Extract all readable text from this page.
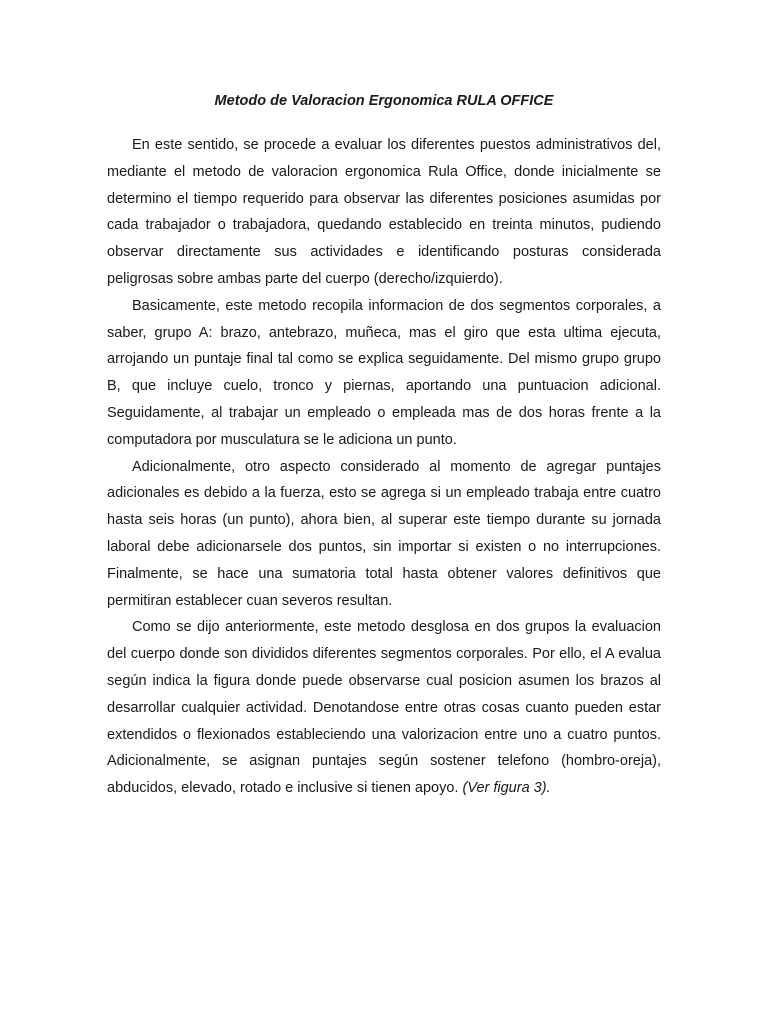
Metodo de Valoracion Ergonomica RULA OFFICE

En este sentido, se procede a evaluar los diferentes puestos administrativos del, mediante el metodo de valoracion ergonomica Rula Office, donde inicialmente se determino el tiempo requerido para observar las diferentes posiciones asumidas por cada trabajador o trabajadora, quedando establecido en treinta minutos, pudiendo observar directamente sus actividades e identificando posturas considerada peligrosas sobre ambas parte del cuerpo (derecho/izquierdo).

Basicamente, este metodo recopila informacion de dos segmentos corporales, a saber, grupo A: brazo, antebrazo, muñeca, mas el giro que esta ultima ejecuta, arrojando un puntaje final tal como se explica seguidamente. Del mismo grupo grupo B, que incluye cuelo, tronco y piernas, aportando una puntuacion adicional. Seguidamente, al trabajar un empleado o empleada mas de dos horas frente a la computadora por musculatura se le adiciona un punto.

Adicionalmente, otro aspecto considerado al momento de agregar puntajes adicionales es debido a la fuerza, esto se agrega si un empleado trabaja entre cuatro hasta seis horas (un punto), ahora bien, al superar este tiempo durante su jornada laboral debe adicionarsele dos puntos, sin importar si existen o no interrupciones. Finalmente, se hace una sumatoria total hasta obtener valores definitivos que permitiran establecer cuan severos resultan.

Como se dijo anteriormente, este metodo desglosa en dos grupos la evaluacion del cuerpo donde son divididos diferentes segmentos corporales. Por ello, el A evalua según indica la figura donde puede observarse cual posicion asumen los brazos al desarrollar cualquier actividad. Denotandose entre otras cosas cuanto pueden estar extendidos o flexionados estableciendo una valorizacion entre uno a cuatro puntos. Adicionalmente, se asignan puntajes según sostener telefono (hombro-oreja), abducidos, elevado, rotado e inclusive si tienen apoyo. (Ver figura 3).
